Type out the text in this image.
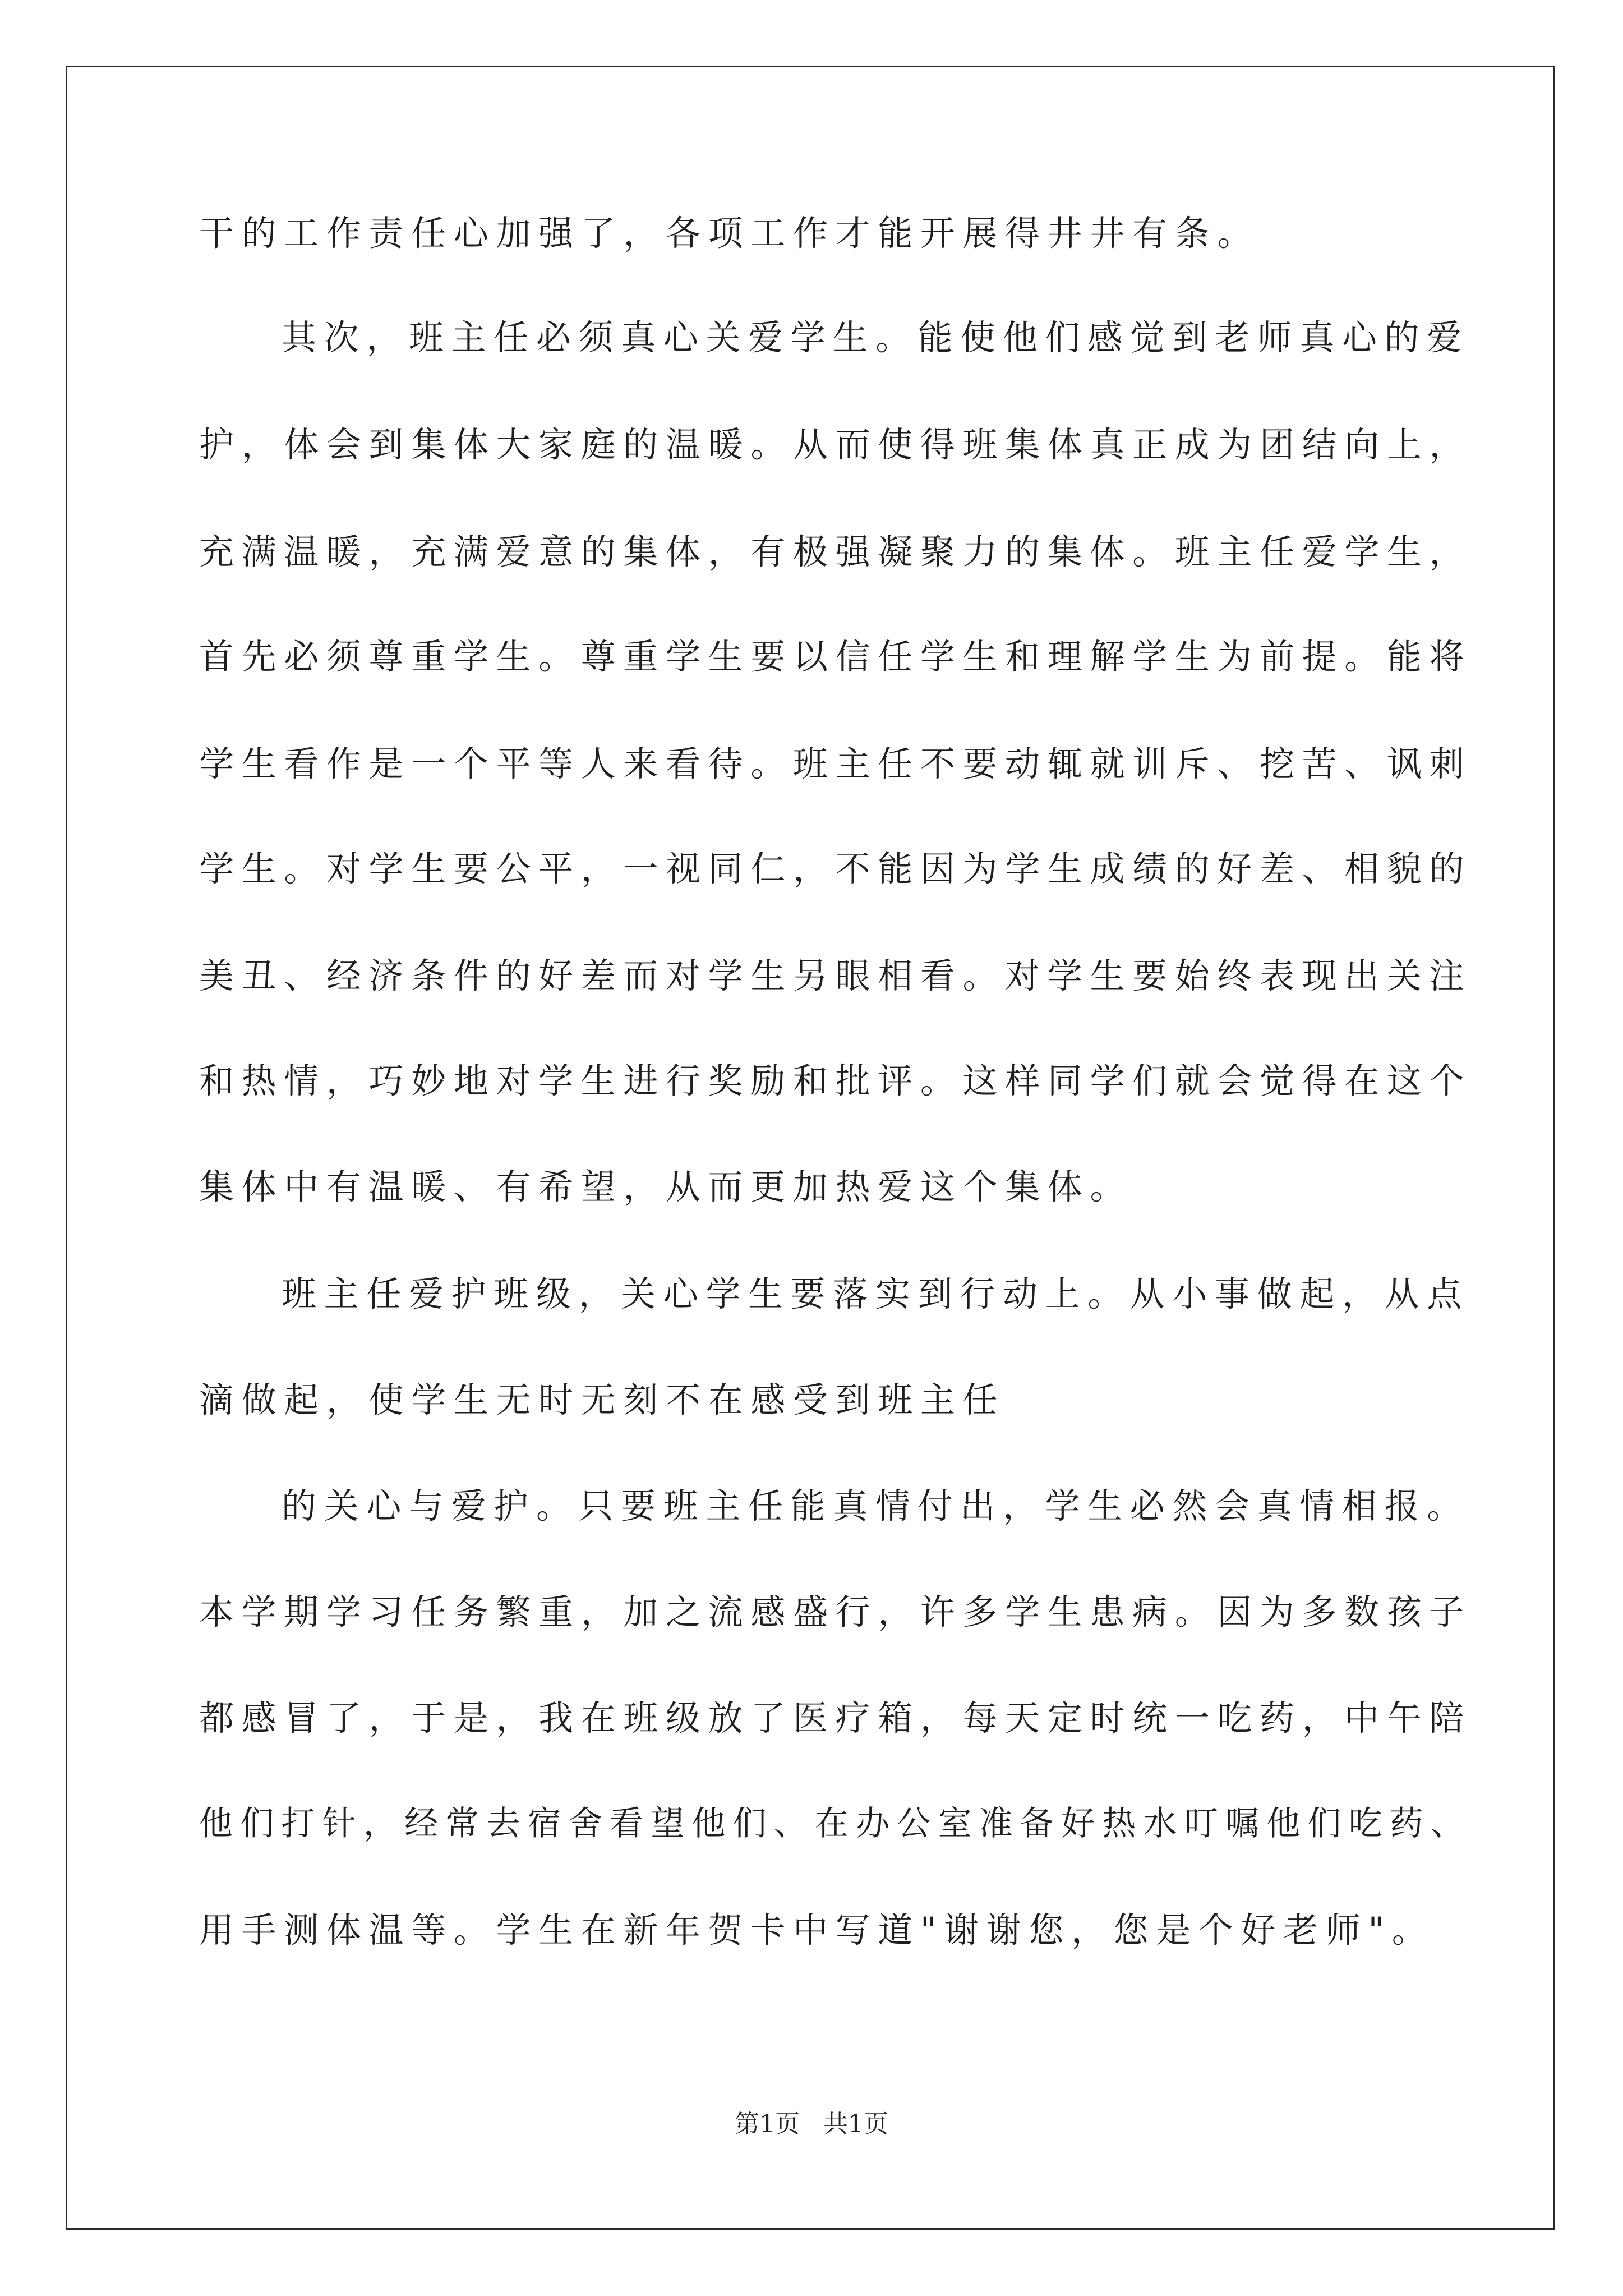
干的工作责任心加强了，各项工作才能开展得井井有条。
其次，班主任必须真心关爱学生。能使他们感觉到老师真心的爱
护，体会到集体大家庭的温暖。从而使得班集体真正成为团结向上，
充满温暖，充满爱意的集体，有极强凝聚力的集体。班主任爱学生，
首先必须尊重学生。尊重学生要以信任学生和理解学生为前提。能将
学生看作是一个平等人来看待。班主任不要动辄就训斥、挖苦、讽刺
学生。对学生要公平，一视同仁，不能因为学生成绩的好差、相貌的
美丑、经济条件的好差而对学生另眼相看。对学生要始终表现出关注
和热情，巧妙地对学生进行奖励和批评。这样同学们就会觉得在这个
集体中有温暖、有希望，从而更加热爱这个集体。
班主任爱护班级，关心学生要落实到行动上。从小事做起，从点
滴做起，使学生无时无刻不在感受到班主任
的关心与爱护。只要班主任能真情付出，学生必然会真情相报。
本学期学习任务繁重，加之流感盛行，许多学生患病。因为多数孩子
都感冒了，于是，我在班级放了医疗箱，每天定时统一吃药，中午陪
他们打针，经常去宿舍看望他们、在办公室准备好热水叮嘱他们吃药、
用手测体温等。学生在新年贺卡中写道"谢谢您，您是个好老师"。
第1页   共1页
